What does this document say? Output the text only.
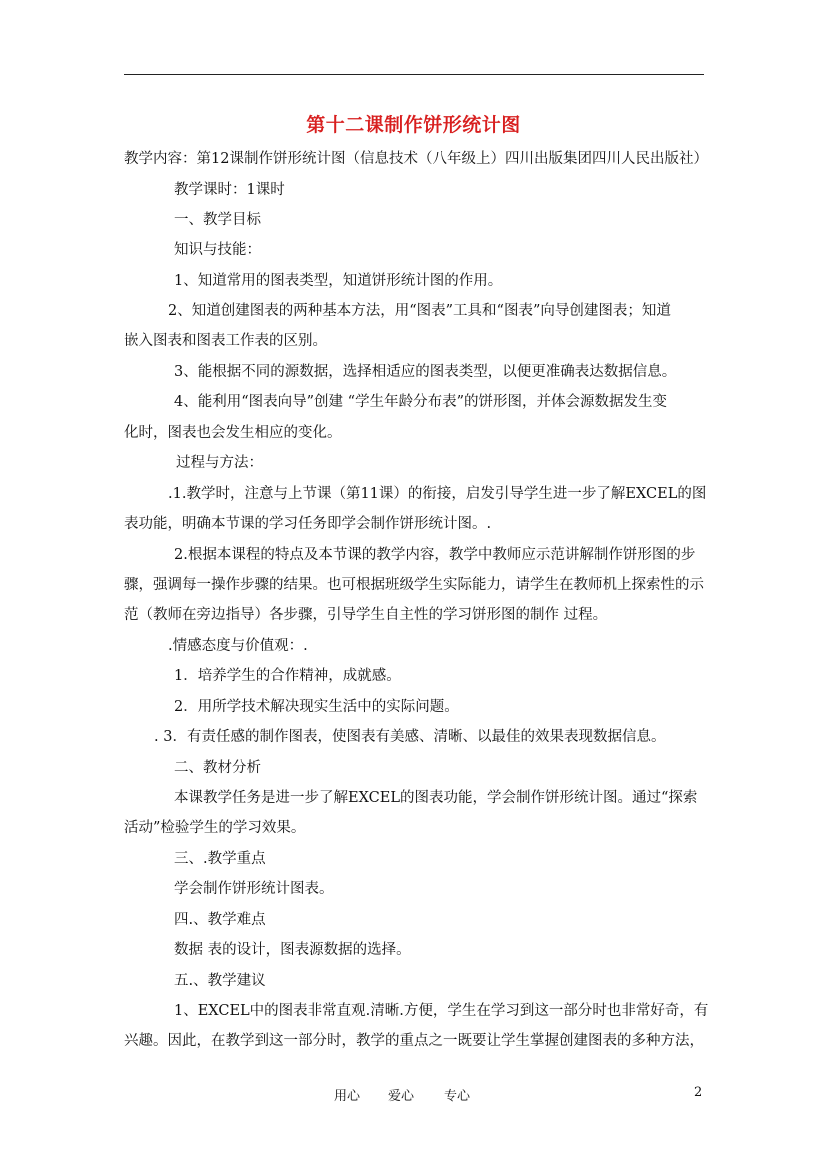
第十二课制作饼形统计图
教学内容：第12课制作饼形统计图（信息技术（八年级上）四川出版集团四川人民出版社）
教学课时：1课时
一、教学目标
知识与技能：
1、知道常用的图表类型，知道饼形统计图的作用。
2、知道创建图表的两种基本方法，用“图表”工具和“图表”向导创建图表；知道
嵌入图表和图表工作表的区别。
3、能根据不同的源数据，选择相适应的图表类型，以便更准确表达数据信息。
4、能利用“图表向导”创建 “学生年龄分布表”的饼形图，并体会源数据发生变
化时，图表也会发生相应的变化。
过程与方法：
.1.教学时，注意与上节课（第11课）的衔接，启发引导学生进一步了解EXCEL的图
表功能，明确本节课的学习任务即学会制作饼形统计图。.
2.根据本课程的特点及本节课的教学内容，教学中教师应示范讲解制作饼形图的步
骤，强调每一操作步骤的结果。也可根据班级学生实际能力，请学生在教师机上探索性的示
范（教师在旁边指导）各步骤，引导学生自主性的学习饼形图的制作 过程。
.情感态度与价值观：.
1．培养学生的合作精神，成就感。
2．用所学技术解决现实生活中的实际问题。
. 3．有责任感的制作图表，使图表有美感、清晰、以最佳的效果表现数据信息。
二、教材分析
本课教学任务是进一步了解EXCEL的图表功能，学会制作饼形统计图。通过“探索
活动”检验学生的学习效果。
三、.教学重点
学会制作饼形统计图表。
四.、教学难点
数据 表的设计，图表源数据的选择。
五.、教学建议
1、EXCEL中的图表非常直观.清晰.方便，学生在学习到这一部分时也非常好奇，有
兴趣。因此，在教学到这一部分时，教学的重点之一既要让学生掌握创建图表的多种方法，
用心 爱心 专心	2
